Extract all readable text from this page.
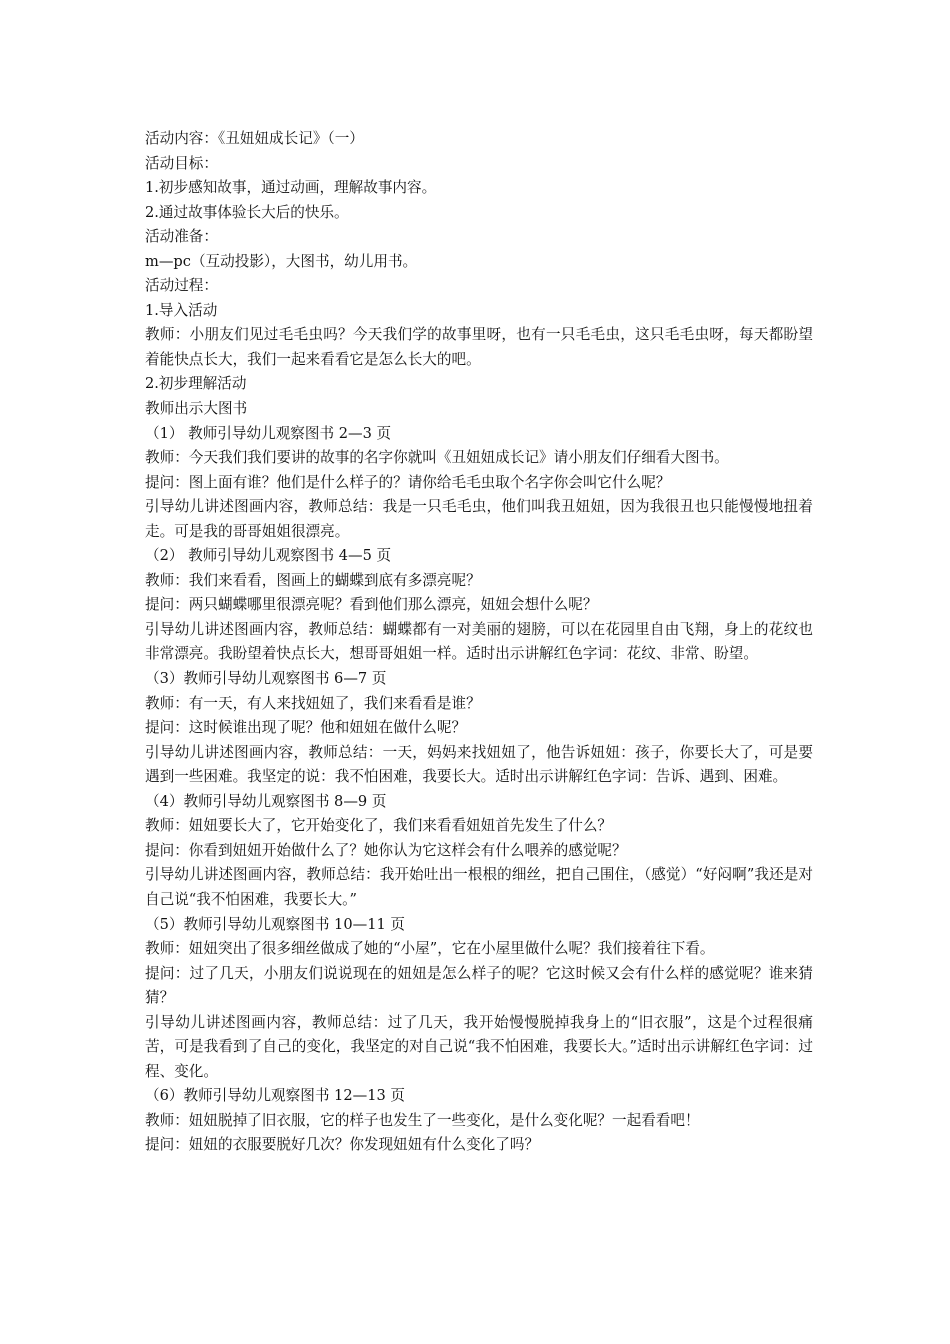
活动内容：《丑妞妞成长记》（一）
活动目标：
1.初步感知故事，通过动画，理解故事内容。
2.通过故事体验长大后的快乐。
活动准备：
m—pc（互动投影），大图书，幼儿用书。
活动过程：
1.导入活动
教师：小朋友们见过毛毛虫吗？今天我们学的故事里呀，也有一只毛毛虫，这只毛毛虫呀，每天都盼望着能快点长大，我们一起来看看它是怎么长大的吧。
2.初步理解活动
教师出示大图书
（1） 教师引导幼儿观察图书 2—3 页
教师：今天我们我们要讲的故事的名字你就叫《丑妞妞成长记》请小朋友们仔细看大图书。
提问：图上面有谁？他们是什么样子的？请你给毛毛虫取个名字你会叫它什么呢？
引导幼儿讲述图画内容，教师总结：我是一只毛毛虫，他们叫我丑妞妞，因为我很丑也只能慢慢地扭着走。可是我的哥哥姐姐很漂亮。
（2） 教师引导幼儿观察图书 4—5 页
教师：我们来看看，图画上的蝴蝶到底有多漂亮呢？
提问：两只蝴蝶哪里很漂亮呢？看到他们那么漂亮，妞妞会想什么呢？
引导幼儿讲述图画内容，教师总结：蝴蝶都有一对美丽的翅膀，可以在花园里自由飞翔，身上的花纹也非常漂亮。我盼望着快点长大，想哥哥姐姐一样。适时出示讲解红色字词：花纹、非常、盼望。
（3）教师引导幼儿观察图书 6—7 页
教师：有一天，有人来找妞妞了，我们来看看是谁？
提问：这时候谁出现了呢？他和妞妞在做什么呢？
引导幼儿讲述图画内容，教师总结：一天，妈妈来找妞妞了，他告诉妞妞：孩子，你要长大了，可是要遇到一些困难。我坚定的说：我不怕困难，我要长大。适时出示讲解红色字词：告诉、遇到、困难。
（4）教师引导幼儿观察图书 8—9 页
教师：妞妞要长大了，它开始变化了，我们来看看妞妞首先发生了什么？
提问：你看到妞妞开始做什么了？她你认为它这样会有什么喂养的感觉呢？
引导幼儿讲述图画内容，教师总结：我开始吐出一根根的细丝，把自己围住，（感觉）“好闷啊”我还是对自己说“我不怕困难，我要长大。”
（5）教师引导幼儿观察图书 10—11 页
教师：妞妞突出了很多细丝做成了她的“小屋”，它在小屋里做什么呢？我们接着往下看。
提问：过了几天，小朋友们说说现在的妞妞是怎么样子的呢？它这时候又会有什么样的感觉呢？谁来猜猜？
引导幼儿讲述图画内容，教师总结：过了几天，我开始慢慢脱掉我身上的“旧衣服”，这是个过程很痛苦，可是我看到了自己的变化，我坚定的对自己说“我不怕困难，我要长大。”适时出示讲解红色字词：过程、变化。
（6）教师引导幼儿观察图书 12—13 页
教师：妞妞脱掉了旧衣服，它的样子也发生了一些变化，是什么变化呢？一起看看吧！
提问：妞妞的衣服要脱好几次？你发现妞妞有什么变化了吗？
